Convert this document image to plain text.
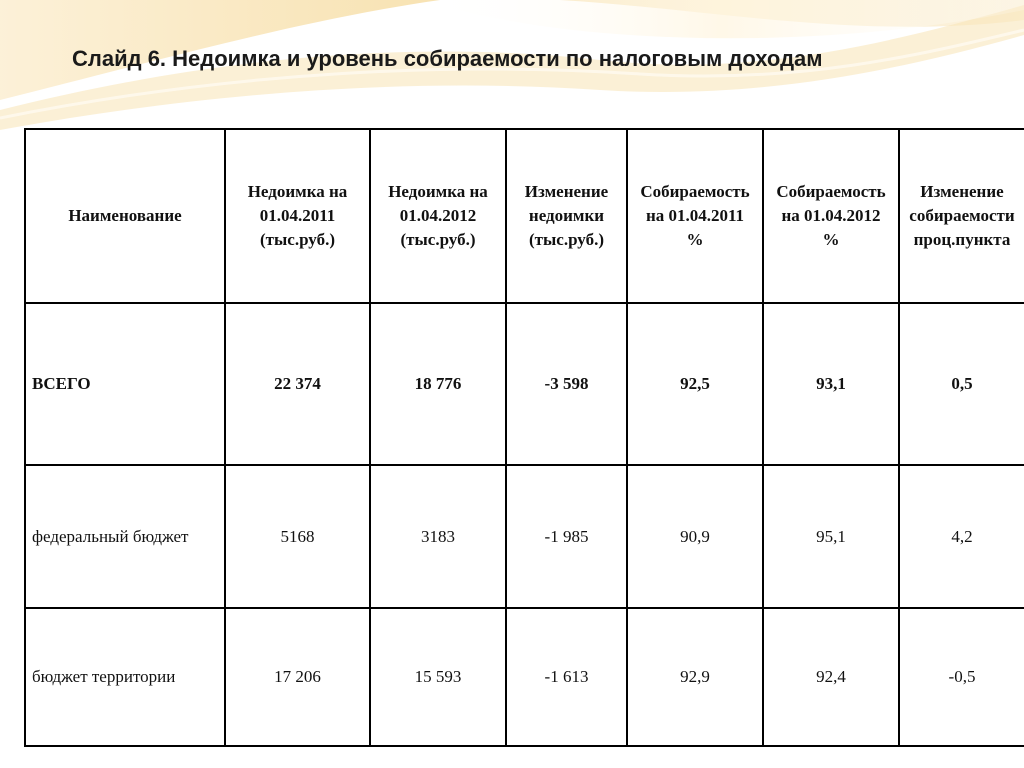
Слайд 6. Недоимка и уровень собираемости по налоговым доходам
Наименование	Недоимка на
01.04.2011
(тыс.руб.)	Недоимка на
01.04.2012
(тыс.руб.)	Изменение
недоимки
(тыс.руб.)	Собираемость
на 01.04.2011
%	Собираемость
на 01.04.2012
%	Изменение
собираемости
проц.пункта

ВСЕГО	22 374	18 776	-3 598	92,5	93,1	0,5
федеральный бюджет	5168	3183	-1 985	90,9	95,1	4,2
бюджет территории	17 206	15 593	-1 613	92,9	92,4	-0,5
